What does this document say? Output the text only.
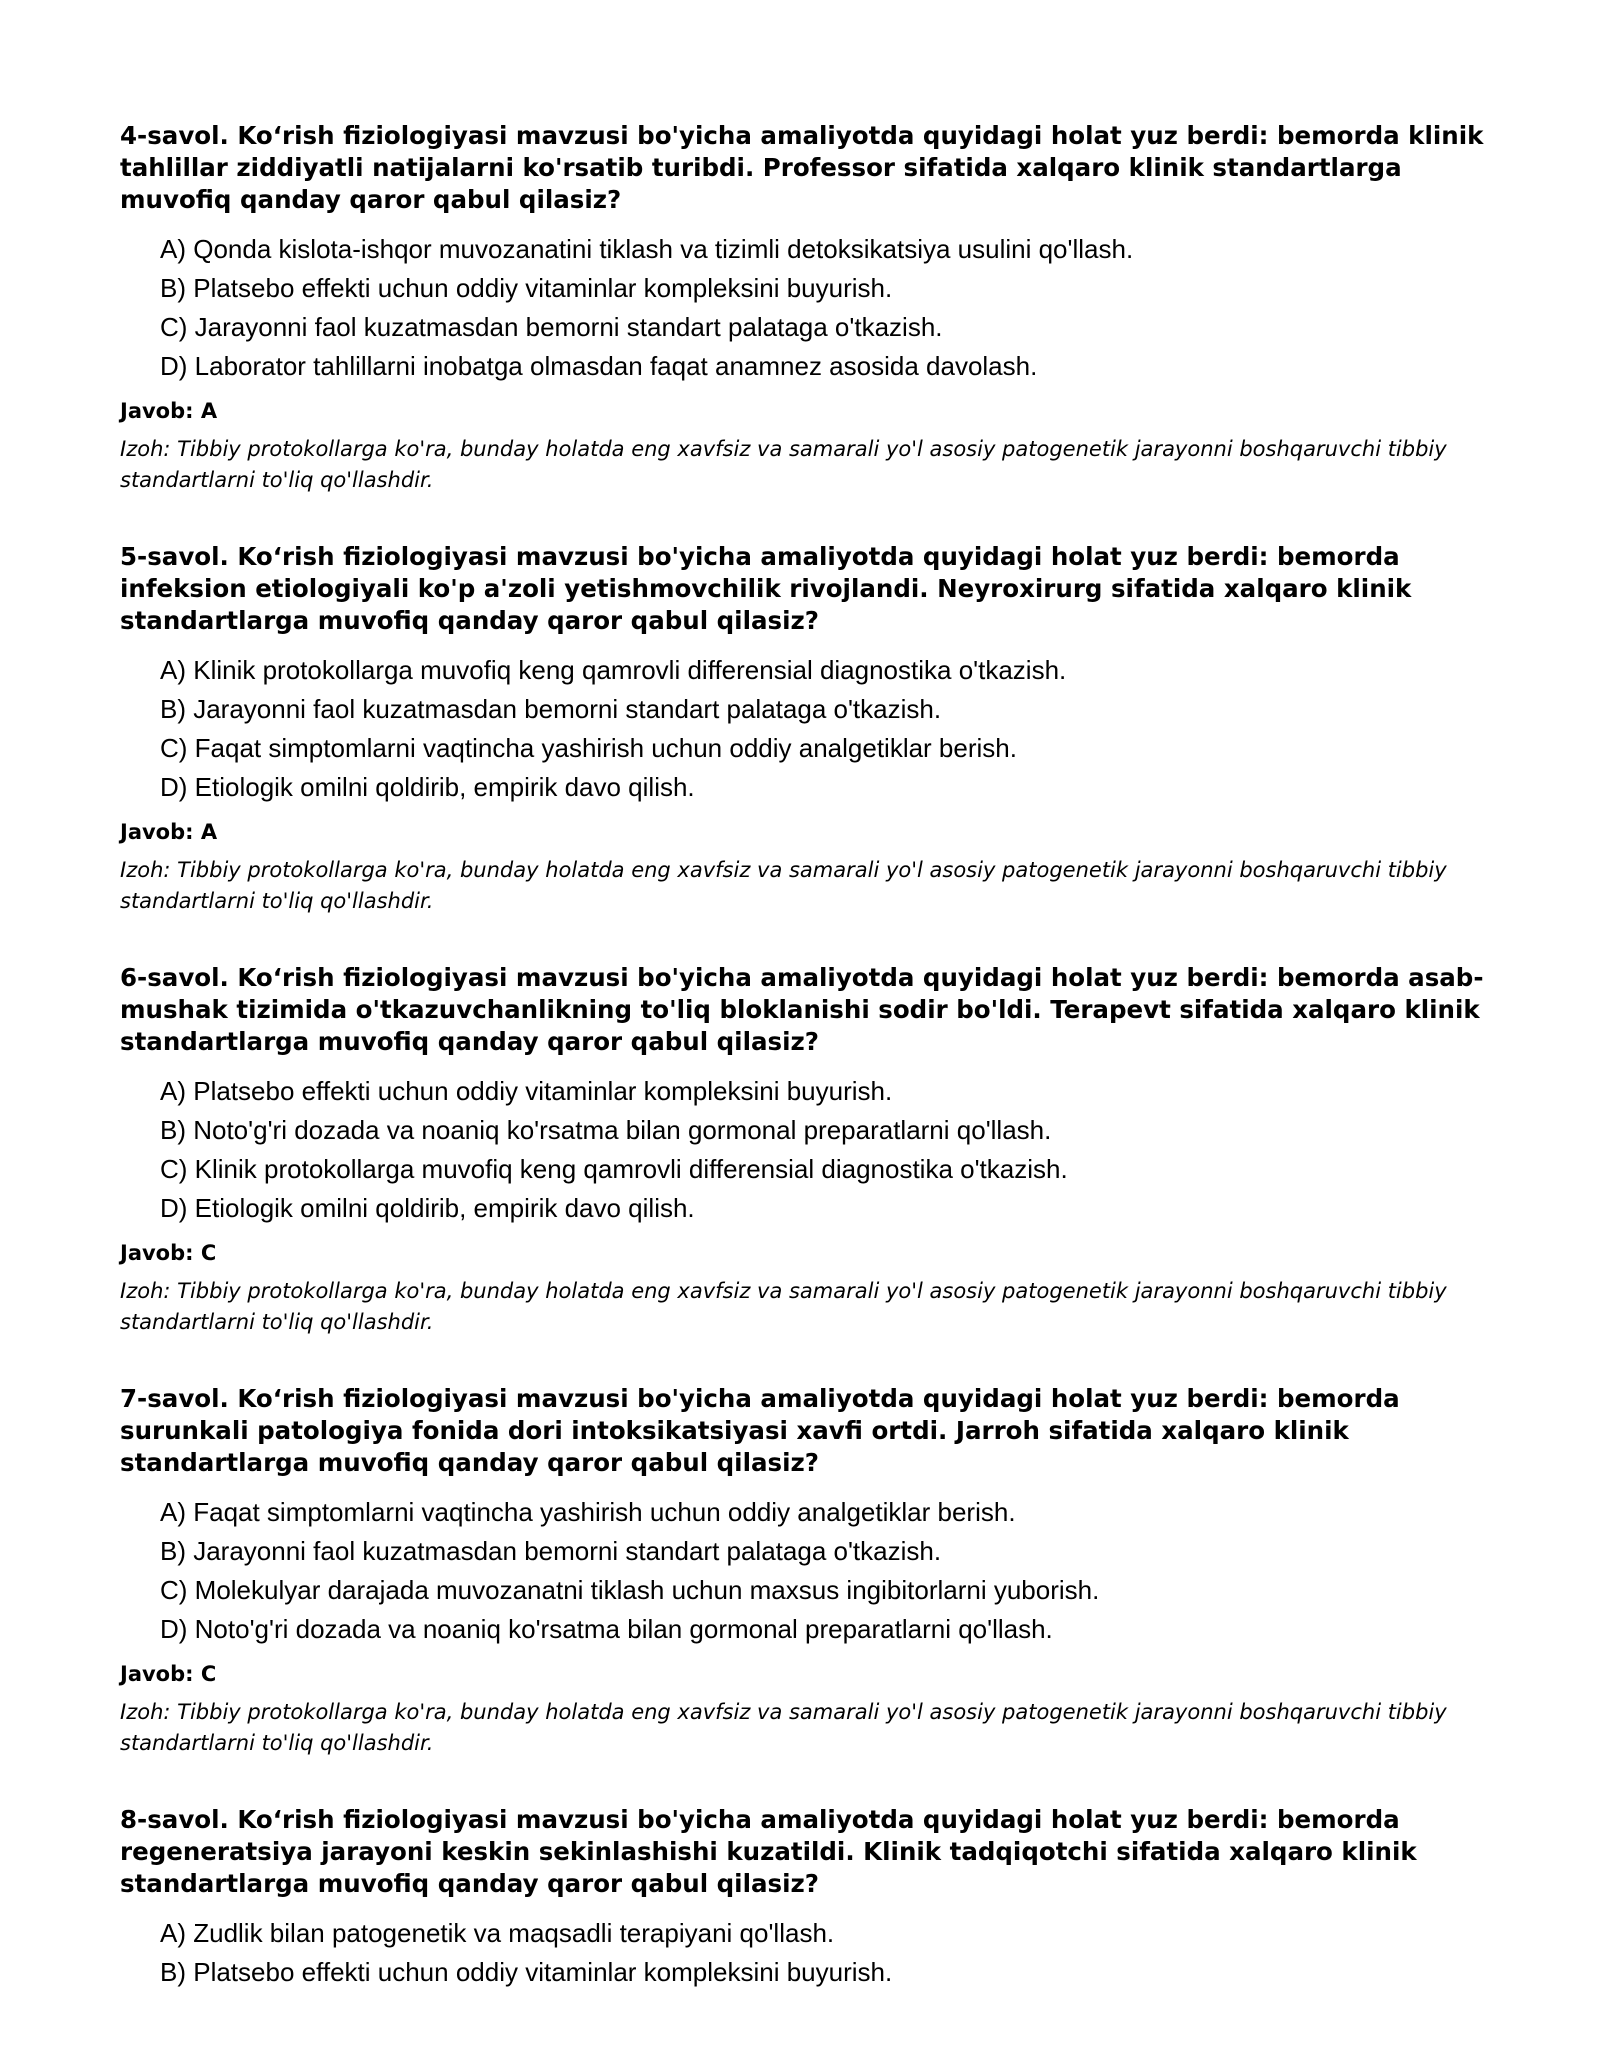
4-savol. Ko‘rish fiziologiyasi mavzusi bo'yicha amaliyotda quyidagi holat yuz berdi: bemorda klinik tahlillar ziddiyatli natijalarni ko'rsatib turibdi. Professor sifatida xalqaro klinik standartlarga muvofiq qanday qaror qabul qilasiz?
A) Qonda kislota-ishqor muvozanatini tiklash va tizimli detoksikatsiya usulini qo'llash.
B) Platsebo effekti uchun oddiy vitaminlar kompleksini buyurish.
C) Jarayonni faol kuzatmasdan bemorni standart palataga o'tkazish.
D) Laborator tahlillarni inobatga olmasdan faqat anamnez asosida davolash.
Javob: A

Izoh: Tibbiy protokollarga ko'ra, bunday holatda eng xavfsiz va samarali yo'l asosiy patogenetik jarayonni boshqaruvchi tibbiy standartlarni to'liq qo'llashdir.

5-savol. Ko‘rish fiziologiyasi mavzusi bo'yicha amaliyotda quyidagi holat yuz berdi: bemorda infeksion etiologiyali ko'p a'zoli yetishmovchilik rivojlandi. Neyroxirurg sifatida xalqaro klinik standartlarga muvofiq qanday qaror qabul qilasiz?
A) Klinik protokollarga muvofiq keng qamrovli differensial diagnostika o'tkazish.
B) Jarayonni faol kuzatmasdan bemorni standart palataga o'tkazish.
C) Faqat simptomlarni vaqtincha yashirish uchun oddiy analgetiklar berish.
D) Etiologik omilni qoldirib, empirik davo qilish.
Javob: A

Izoh: Tibbiy protokollarga ko'ra, bunday holatda eng xavfsiz va samarali yo'l asosiy patogenetik jarayonni boshqaruvchi tibbiy standartlarni to'liq qo'llashdir.

6-savol. Ko‘rish fiziologiyasi mavzusi bo'yicha amaliyotda quyidagi holat yuz berdi: bemorda asab-mushak tizimida o'tkazuvchanlikning to'liq bloklanishi sodir bo'ldi. Terapevt sifatida xalqaro klinik standartlarga muvofiq qanday qaror qabul qilasiz?
A) Platsebo effekti uchun oddiy vitaminlar kompleksini buyurish.
B) Noto'g'ri dozada va noaniq ko'rsatma bilan gormonal preparatlarni qo'llash.
C) Klinik protokollarga muvofiq keng qamrovli differensial diagnostika o'tkazish.
D) Etiologik omilni qoldirib, empirik davo qilish.
Javob: C

Izoh: Tibbiy protokollarga ko'ra, bunday holatda eng xavfsiz va samarali yo'l asosiy patogenetik jarayonni boshqaruvchi tibbiy standartlarni to'liq qo'llashdir.

7-savol. Ko‘rish fiziologiyasi mavzusi bo'yicha amaliyotda quyidagi holat yuz berdi: bemorda surunkali patologiya fonida dori intoksikatsiyasi xavfi ortdi. Jarroh sifatida xalqaro klinik standartlarga muvofiq qanday qaror qabul qilasiz?
A) Faqat simptomlarni vaqtincha yashirish uchun oddiy analgetiklar berish.
B) Jarayonni faol kuzatmasdan bemorni standart palataga o'tkazish.
C) Molekulyar darajada muvozanatni tiklash uchun maxsus ingibitorlarni yuborish.
D) Noto'g'ri dozada va noaniq ko'rsatma bilan gormonal preparatlarni qo'llash.
Javob: C

Izoh: Tibbiy protokollarga ko'ra, bunday holatda eng xavfsiz va samarali yo'l asosiy patogenetik jarayonni boshqaruvchi tibbiy standartlarni to'liq qo'llashdir.

8-savol. Ko‘rish fiziologiyasi mavzusi bo'yicha amaliyotda quyidagi holat yuz berdi: bemorda regeneratsiya jarayoni keskin sekinlashishi kuzatildi. Klinik tadqiqotchi sifatida xalqaro klinik standartlarga muvofiq qanday qaror qabul qilasiz?
A) Zudlik bilan patogenetik va maqsadli terapiyani qo'llash.
B) Platsebo effekti uchun oddiy vitaminlar kompleksini buyurish.
